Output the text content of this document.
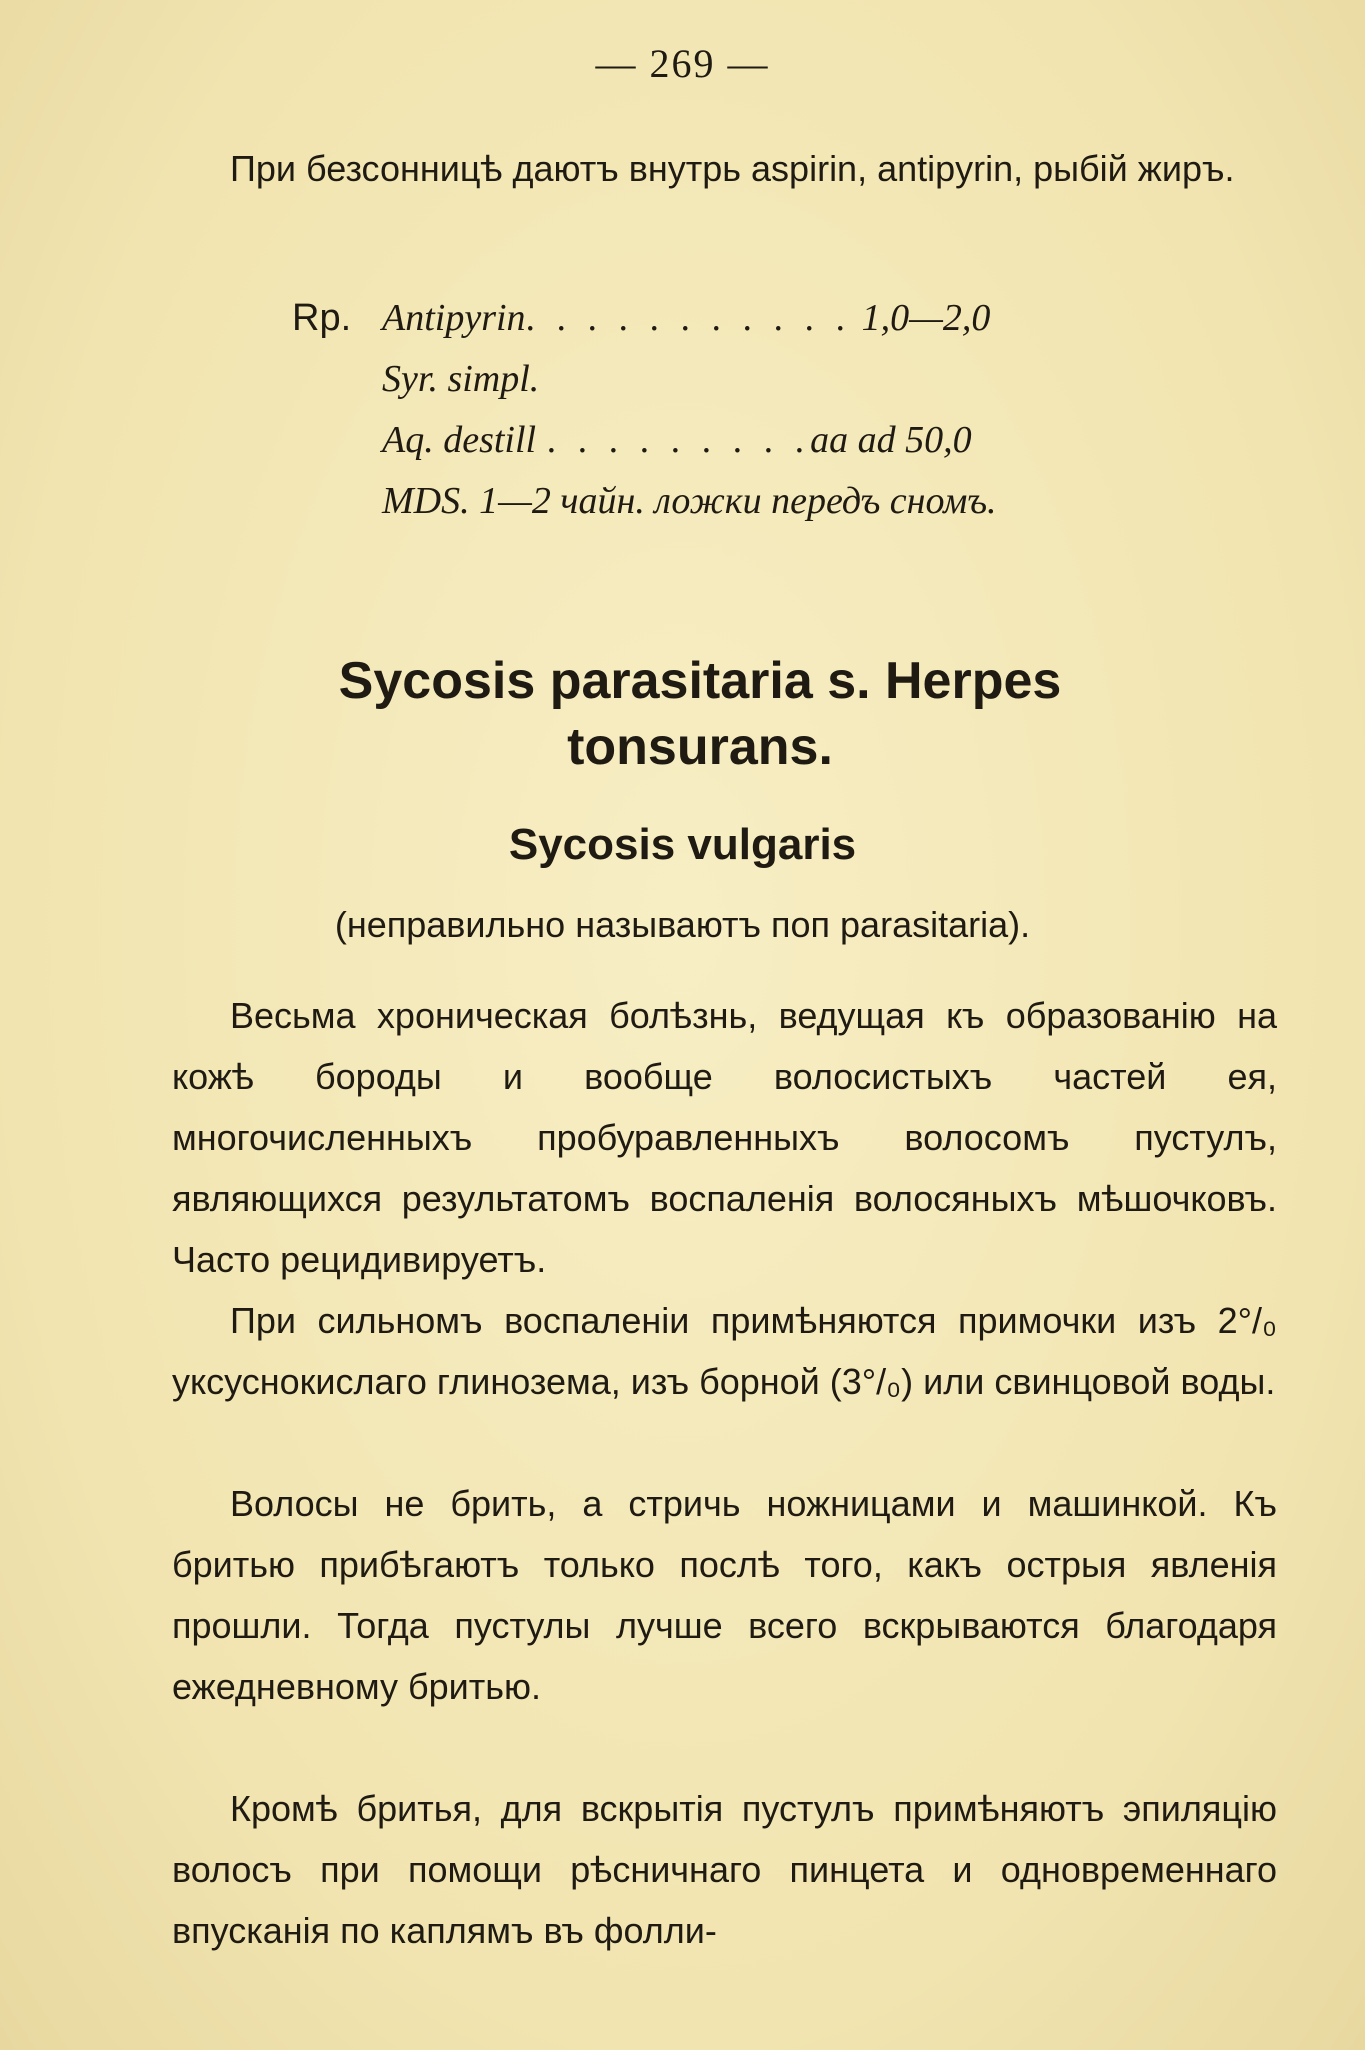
— 269 —
При безсонницѣ даютъ внутрь aspirin, antipyrin, рыбій жиръ.
Rp. Antipyrin. . . . . . . . . . . 1,0—2,0
Syr. simpl.
Aq. destill . . . . . . . . .aa ad 50,0
MDS. 1—2 чайн. ложки передъ сномъ.
Sycosis parasitaria s. Herpes tonsurans.
Sycosis vulgaris
(неправильно называютъ поп parasitaria).
Весьма хроническая болѣзнь, ведущая къ образованію на кожѣ бороды и вообще волосистыхъ частей ея, многочисленныхъ пробуравленныхъ волосомъ пустулъ, являющихся результатомъ воспаленія волосяныхъ мѣшочковъ. Часто рецидивируетъ.
При сильномъ воспаленіи примѣняются примочки изъ 2°/₀ уксуснокислаго глинозема, изъ борной (3°/₀) или свинцовой воды.
Волосы не брить, а стричь ножницами и машинкой. Къ бритью прибѣгаютъ только послѣ того, какъ острыя явленія прошли. Тогда пустулы лучше всего вскрываются благодаря ежедневному бритью.
Кромѣ бритья, для вскрытія пустулъ примѣняютъ эпиляцію волосъ при помощи рѣсничнаго пинцета и одновременнаго впусканія по каплямъ въ фолли-
